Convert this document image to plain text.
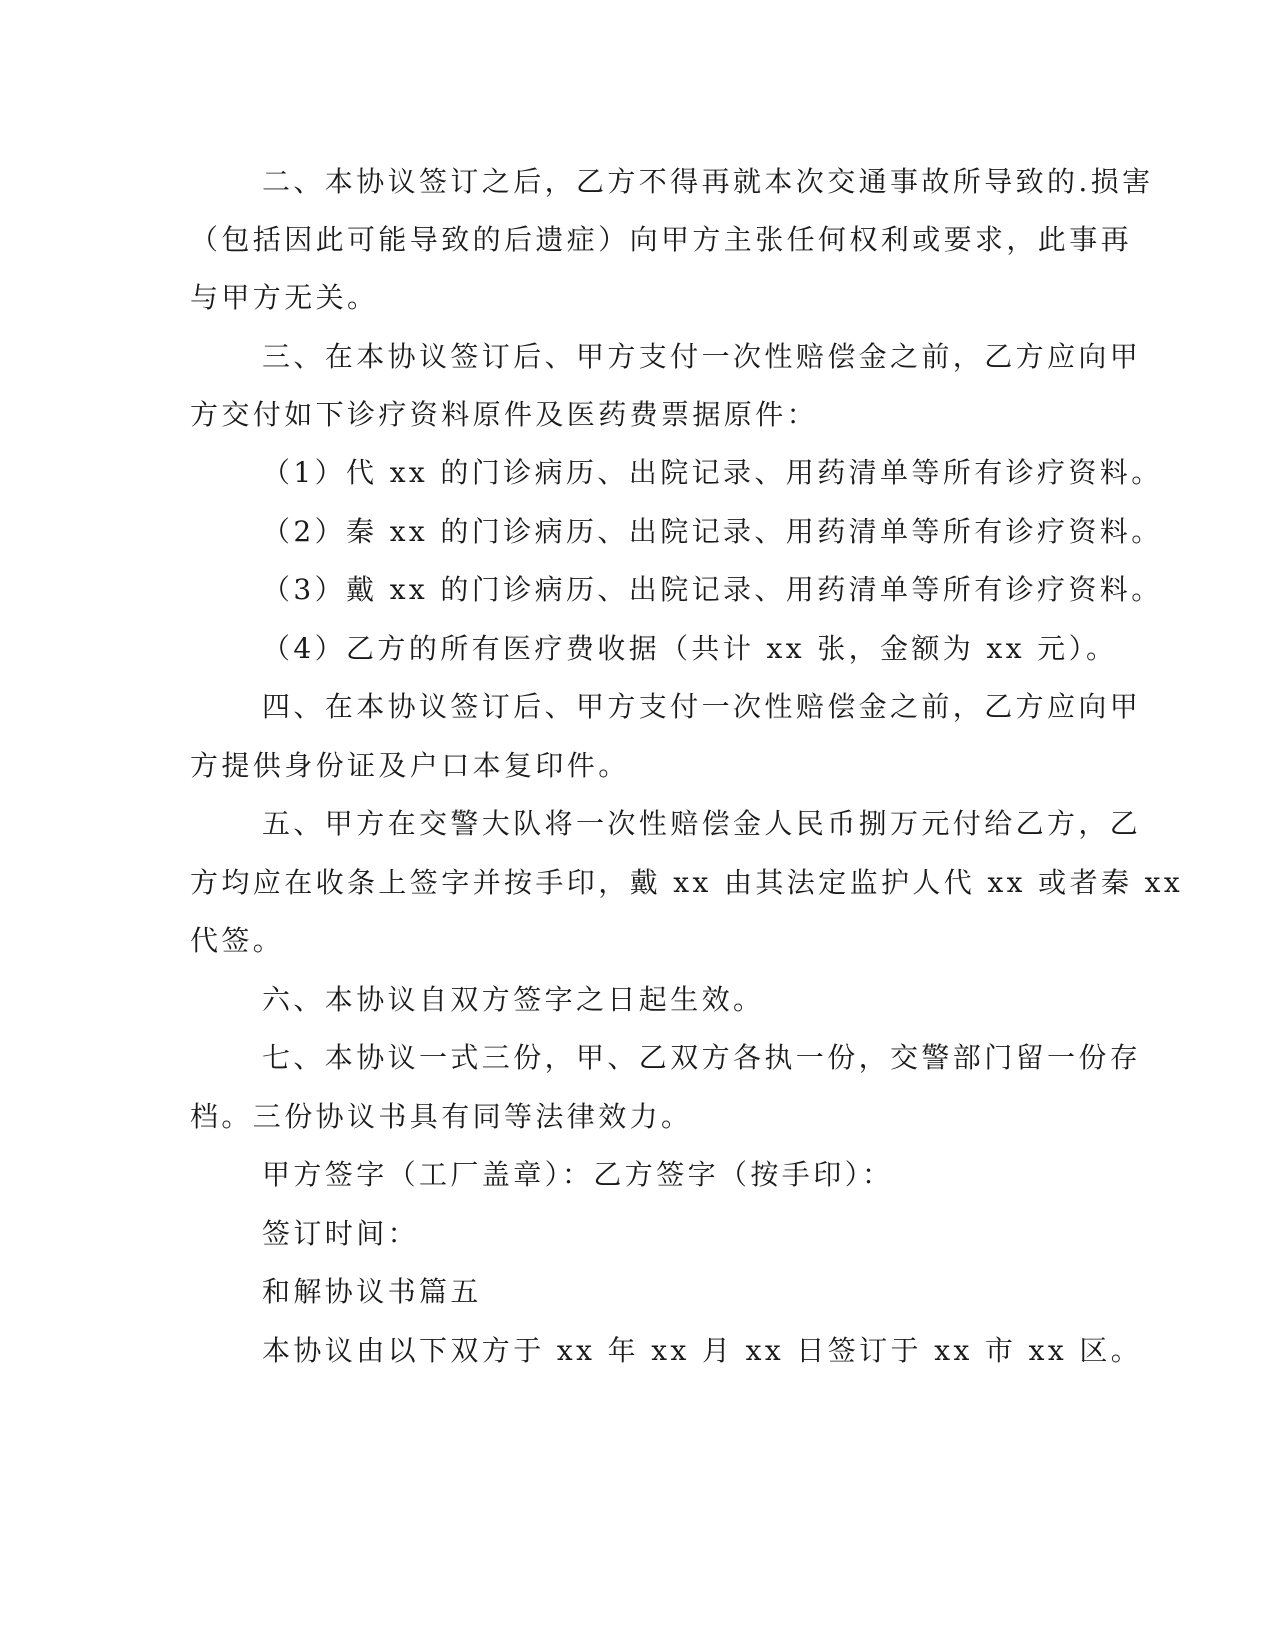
二、本协议签订之后，乙方不得再就本次交通事故所导致的.损害
（包括因此可能导致的后遗症）向甲方主张任何权利或要求，此事再
与甲方无关。
三、在本协议签订后、甲方支付一次性赔偿金之前，乙方应向甲
方交付如下诊疗资料原件及医药费票据原件：
（1）代 xx 的门诊病历、出院记录、用药清单等所有诊疗资料。
（2）秦 xx 的门诊病历、出院记录、用药清单等所有诊疗资料。
（3）戴 xx 的门诊病历、出院记录、用药清单等所有诊疗资料。
（4）乙方的所有医疗费收据（共计 xx 张，金额为 xx 元）。
四、在本协议签订后、甲方支付一次性赔偿金之前，乙方应向甲
方提供身份证及户口本复印件。
五、甲方在交警大队将一次性赔偿金人民币捌万元付给乙方，乙
方均应在收条上签字并按手印，戴 xx 由其法定监护人代 xx 或者秦 xx
代签。
六、本协议自双方签字之日起生效。
七、本协议一式三份，甲、乙双方各执一份，交警部门留一份存
档。三份协议书具有同等法律效力。
甲方签字（工厂盖章）：乙方签字（按手印）：
签订时间：
和解协议书篇五
本协议由以下双方于 xx 年 xx 月 xx 日签订于 xx 市 xx 区。
